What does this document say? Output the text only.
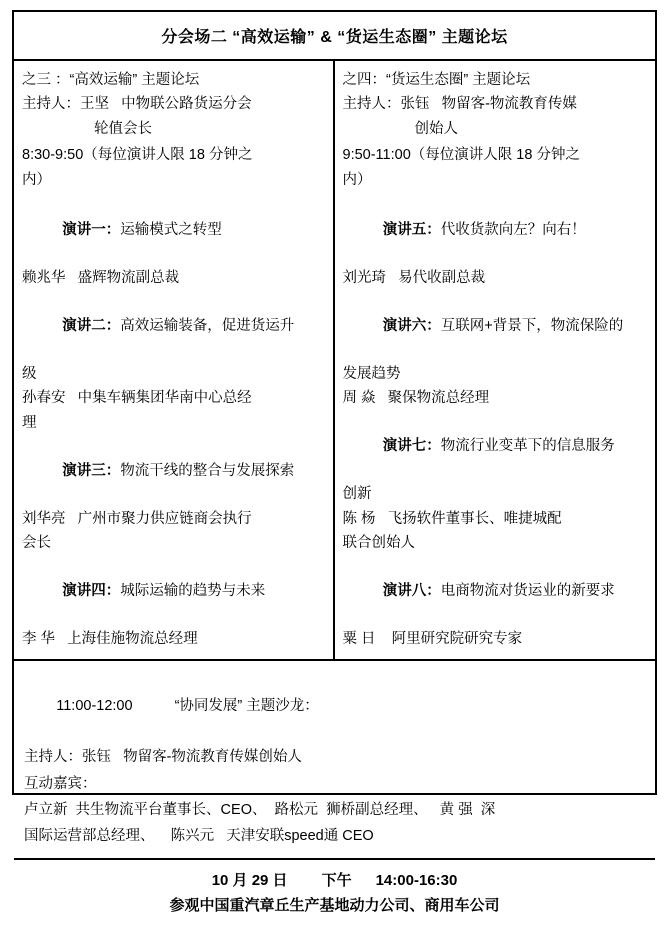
分会场二 “高效运输” & “货运生态圈” 主题论坛
之三 ：“高效运输” 主题论坛
主持人：王坚   中物联公路货运分会
轮值会长
8:30-9:50（每位演讲人限 18 分钟之
内）

演讲一：运输模式之转型

赖兆华   盛辉物流副总裁

演讲二：高效运输装备，促进货运升

级
孙春安   中集车辆集团华南中心总经
理

演讲三：物流干线的整合与发展探索

刘华亮   广州市聚力供应链商会执行
会长

演讲四：城际运输的趋势与未来

李 华   上海佳施物流总经理
之四：“货运生态圈” 主题论坛
主持人：张钰   物留客-物流教育传媒
创始人
9:50-11:00（每位演讲人限 18 分钟之
内）

演讲五：代收货款向左？向右！

刘光琦   易代收副总裁

演讲六：互联网+背景下，物流保险的

发展趋势
周 焱   聚保物流总经理

演讲七：物流行业变革下的信息服务

创新
陈 杨   飞扬软件董事长、唯捷城配
联合创始人

演讲八：电商物流对货运业的新要求

粟 日    阿里研究院研究专家

11:00-12:00	“协同发展” 主题沙龙：

主持人：张钰   物留客-物流教育传媒创始人
互动嘉宾：
卢立新  共生物流平台董事长、CEO、  路松元  狮桥副总经理、   黄 强  深
国际运营部总经理、    陈兴元   天津安联speed通 CEO
10 月 29 日 下午 14:00-16:30
参观中国重汽章丘生产基地动力公司、商用车公司
